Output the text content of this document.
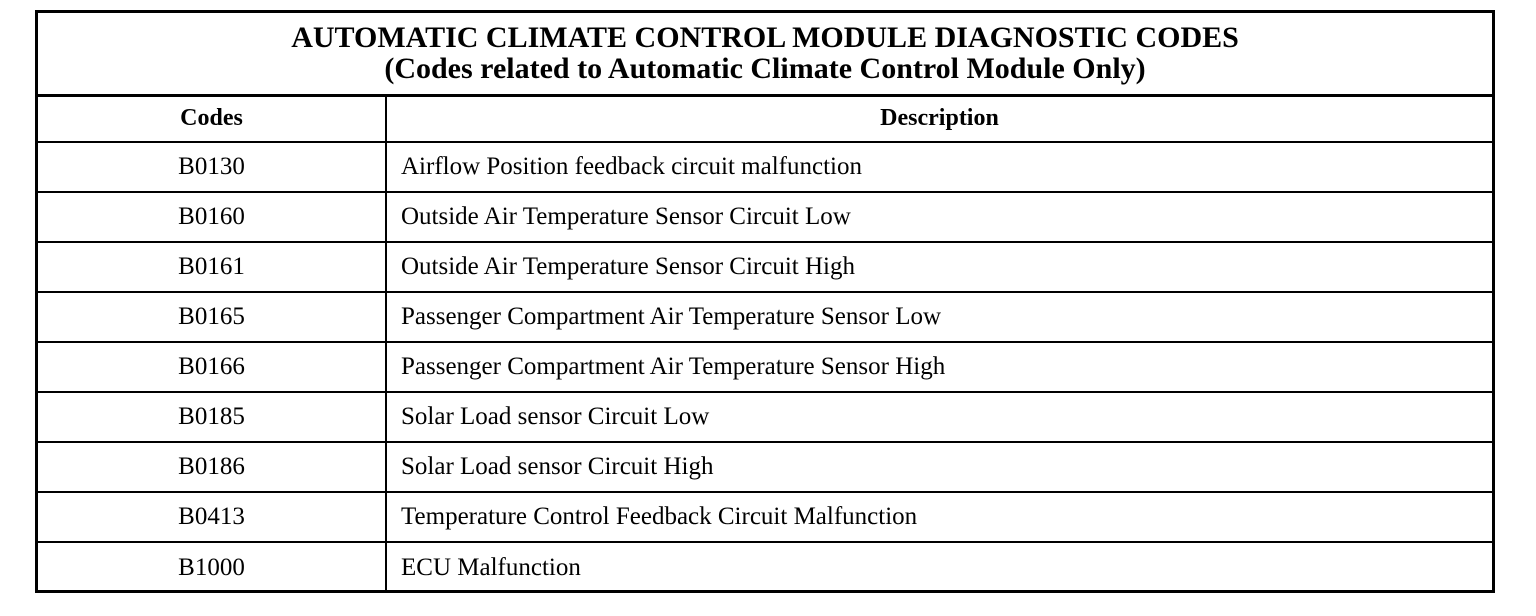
AUTOMATIC CLIMATE CONTROL MODULE DIAGNOSTIC CODES
(Codes related to Automatic Climate Control Module Only)	

Codes	Description
B0130	Airflow Position feedback circuit malfunction
B0160	Outside Air Temperature Sensor Circuit Low
B0161	Outside Air Temperature Sensor Circuit High
B0165	Passenger Compartment Air Temperature Sensor Low
B0166	Passenger Compartment Air Temperature Sensor High
B0185	Solar Load sensor Circuit Low
B0186	Solar Load sensor Circuit High
B0413	Temperature Control Feedback Circuit Malfunction
B1000	ECU Malfunction
